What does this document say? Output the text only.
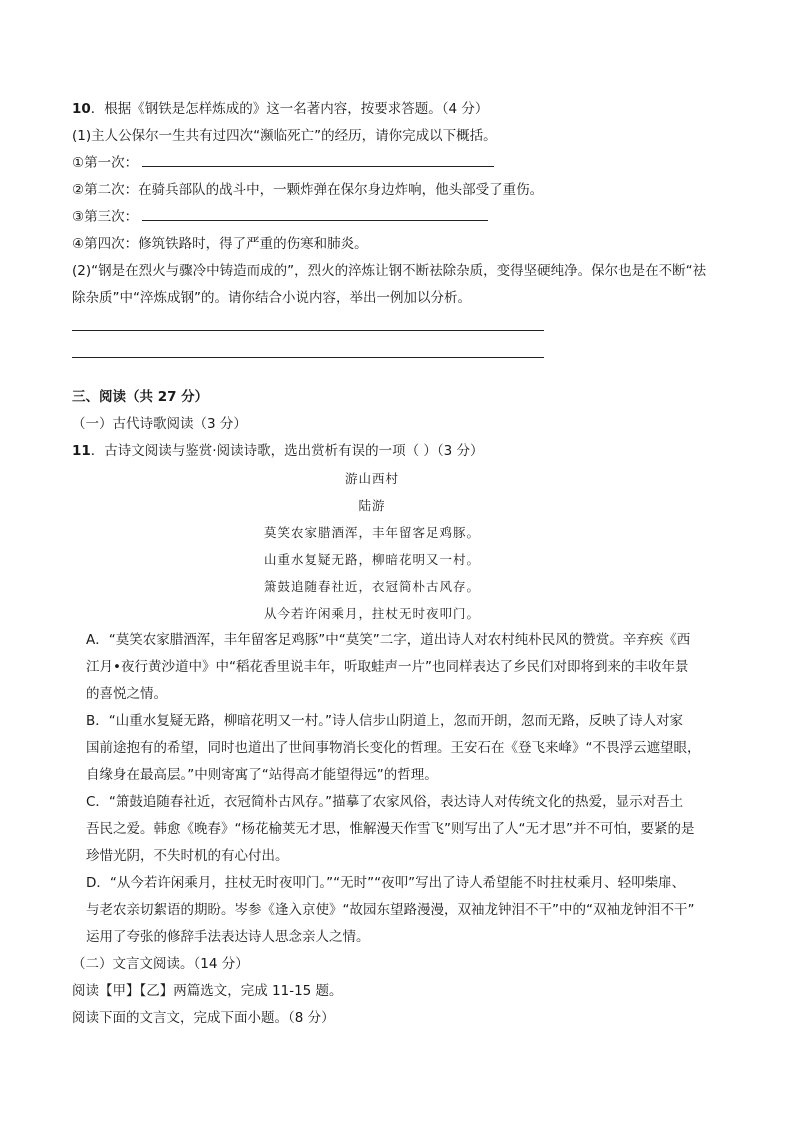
10．根据《钢铁是怎样炼成的》这一名著内容，按要求答题。（4 分）
(1)主人公保尔一生共有过四次“濒临死亡”的经历，请你完成以下概括。
①第一次：
②第二次：在骑兵部队的战斗中，一颗炸弹在保尔身边炸响，他头部受了重伤。
③第三次：
④第四次：修筑铁路时，得了严重的伤寒和肺炎。
(2)“钢是在烈火与骤冷中铸造而成的”，烈火的淬炼让钢不断祛除杂质，变得坚硬纯净。保尔也是在不断“祛
除杂质”中“淬炼成钢”的。请你结合小说内容，举出一例加以分析。
三、阅读（共 27 分）
（一）古代诗歌阅读（3 分）
11．古诗文阅读与鉴赏·阅读诗歌，选出赏析有误的一项（ ）（3 分）
游山西村
陆游
莫笑农家腊酒浑，丰年留客足鸡豚。
山重水复疑无路，柳暗花明又一村。
箫鼓追随春社近，衣冠简朴古风存。
从今若许闲乘月，拄杖无时夜叩门。
A．“莫笑农家腊酒浑，丰年留客足鸡豚”中“莫笑”二字，道出诗人对农村纯朴民风的赞赏。辛弃疾《西
江月•夜行黄沙道中》中“稻花香里说丰年，听取蛙声一片”也同样表达了乡民们对即将到来的丰收年景
的喜悦之情。
B．“山重水复疑无路，柳暗花明又一村。”诗人信步山阴道上，忽而开朗，忽而无路，反映了诗人对家
国前途抱有的希望，同时也道出了世间事物消长变化的哲理。王安石在《登飞来峰》“不畏浮云遮望眼，
自缘身在最高层。”中则寄寓了“站得高才能望得远”的哲理。
C．“箫鼓追随春社近，衣冠简朴古风存。”描摹了农家风俗，表达诗人对传统文化的热爱，显示对吾土
吾民之爱。韩愈《晚春》“杨花榆荚无才思，惟解漫天作雪飞”则写出了人“无才思”并不可怕，要紧的是
珍惜光阴，不失时机的有心付出。
D．“从今若许闲乘月，拄杖无时夜叩门。”“无时”“夜叩”写出了诗人希望能不时拄杖乘月、轻叩柴扉、
与老农亲切絮语的期盼。岑参《逢入京使》“故园东望路漫漫，双袖龙钟泪不干”中的“双袖龙钟泪不干”
运用了夸张的修辞手法表达诗人思念亲人之情。
（二）文言文阅读。（14 分）
阅读【甲】【乙】两篇选文，完成 11-15 题。
阅读下面的文言文，完成下面小题。（8 分）
